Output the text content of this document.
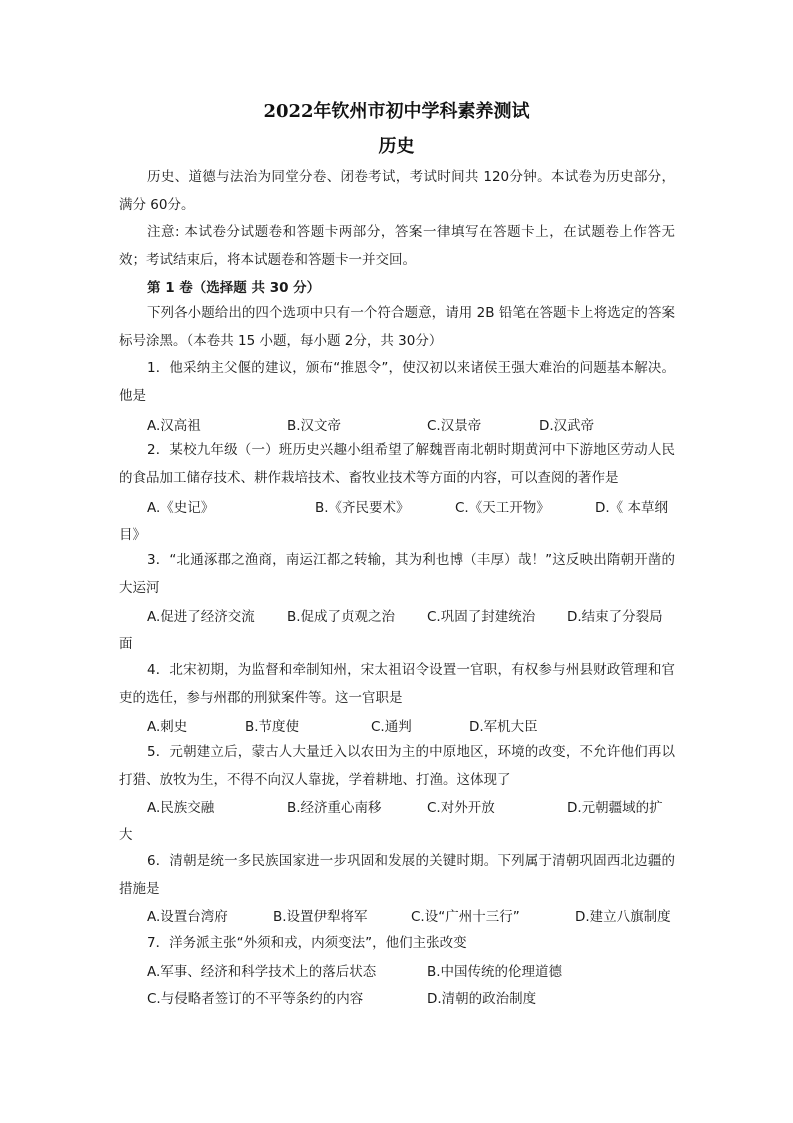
2022年钦州市初中学科素养测试
历史

历史、道德与法治为同堂分卷、闭卷考试，考试时间共 120分钟。本试卷为历史部分，满分 60分。

注意: 本试卷分试题卷和答题卡两部分，答案一律填写在答题卡上，在试题卷上作答无效；考试结束后，将本试题卷和答题卡一并交回。

第 1 卷（选择题 共 30 分）

下列各小题给出的四个选项中只有一个符合题意，请用 2B 铅笔在答题卡上将选定的答案标号涂黑。（本卷共 15 小题，每小题 2分，共 30分）

1．他采纳主父偃的建议，颁布“推恩令”，使汉初以来诸侯王强大难治的问题基本解决。他是

A.汉高祖	B.汉文帝	C.汉景帝	D.汉武帝

2．某校九年级（一）班历史兴趣小组希望了解魏晋南北朝时期黄河中下游地区劳动人民的食品加工储存技术、耕作栽培技术、畜牧业技术等方面的内容，可以查阅的著作是

A.《史记》	B.《齐民要术》	C.《天工开物》	D.《 本草纲
目》

3．“北通涿郡之渔商，南运江都之转输，其为利也博（丰厚）哉！”这反映出隋朝开凿的大运河

A.促进了经济交流 B.促成了贞观之治 C.巩固了封建统治 D.结束了分裂局
面

4．北宋初期，为监督和牵制知州，宋太祖诏令设置一官职，有权参与州县财政管理和官吏的选任，参与州郡的刑狱案件等。这一官职是

A.刺史	B.节度使	C.通判	D.军机大臣

5．元朝建立后，蒙古人大量迁入以农田为主的中原地区，环境的改变，不允许他们再以打猎、放牧为生，不得不向汉人靠拢，学着耕地、打渔。这体现了

A.民族交融	B.经济重心南移	C.对外开放	D.元朝疆域的扩
大

6．清朝是统一多民族国家进一步巩固和发展的关键时期。下列属于清朝巩固西北边疆的措施是

A.设置台湾府	B.设置伊犁将军	C.设“广州十三行”	D.建立八旗制度

7．洋务派主张“外须和戎，内须变法”，他们主张改变

A.军事、经济和科学技术上的落后状态	B.中国传统的伦理道德
C.与侵略者签订的不平等条约的内容	D.清朝的政治制度
